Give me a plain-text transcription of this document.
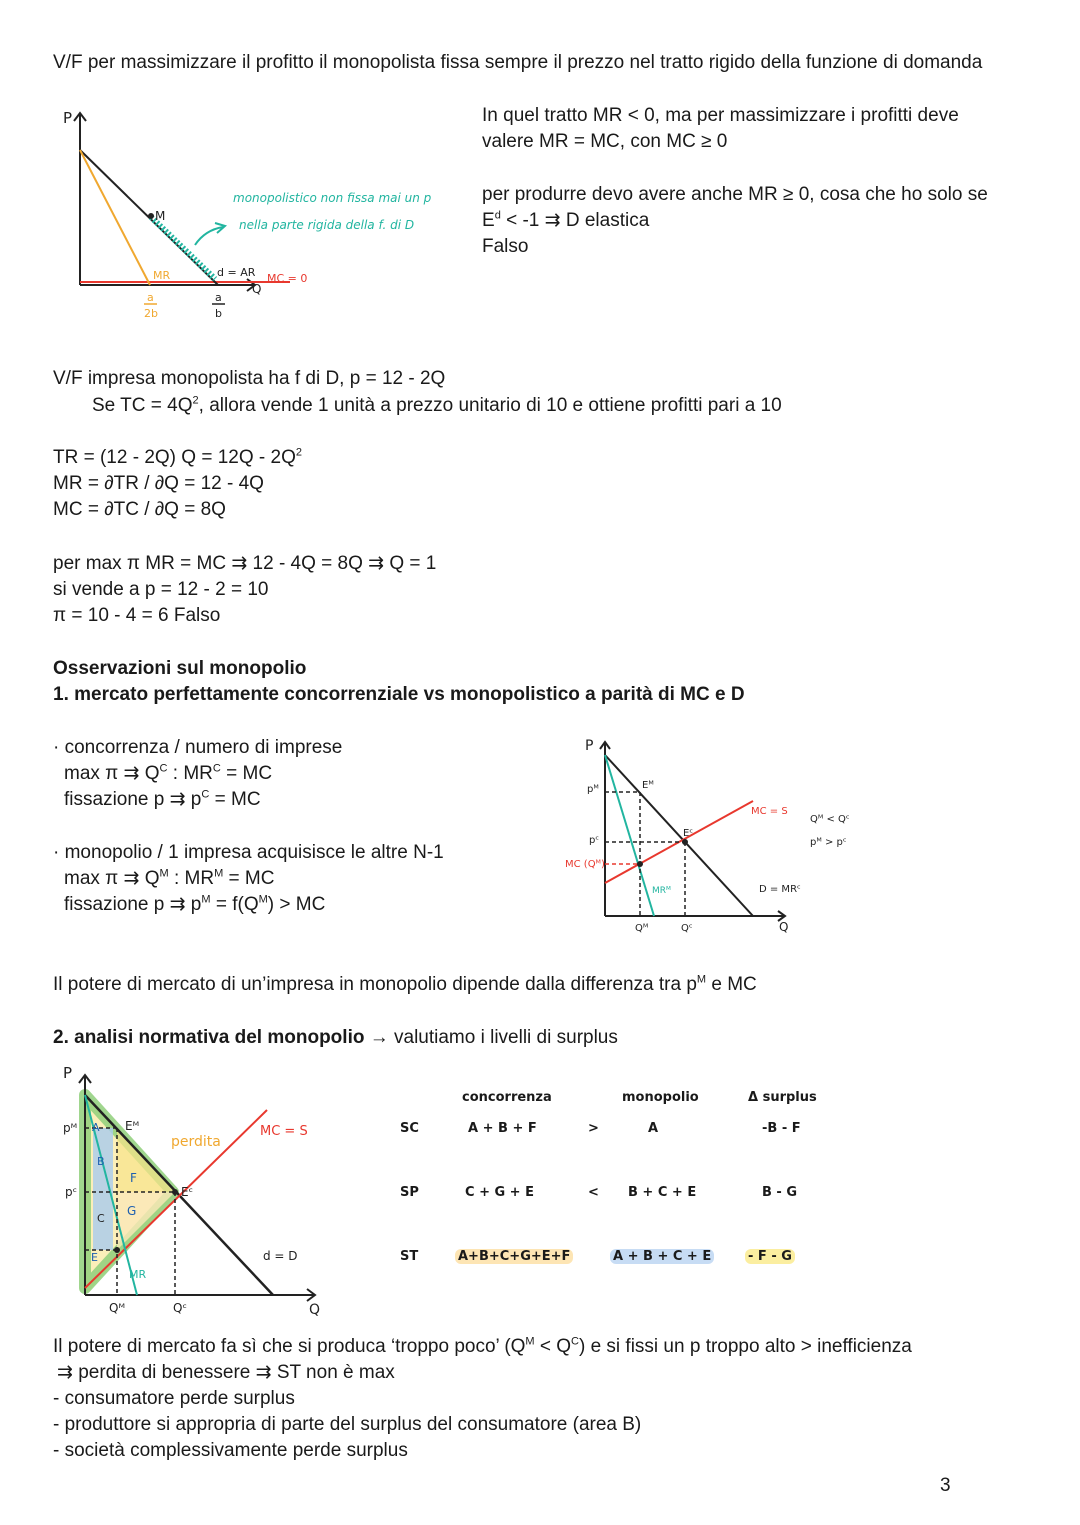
V/F per massimizzare il profitto il monopolista fissa sempre il prezzo nel tratto rigido della funzione di domanda
P
M
MR	d = AR
Q
MC = 0
a
2b
a
b
monopolistico non fissa mai un p
nella parte rigida della f. di D
In quel tratto MR < 0, ma per massimizzare i profitti deve
valere MR = MC, con MC ≥ 0
per produrre devo avere anche MR ≥ 0, cosa che ho solo se
$E^d < -1$ ⇉ D elastica
Falso
V/F impresa monopolista ha f di D, p = 12 - 2Q
Se TC = $4Q^2$, allora vende 1 unità a prezzo unitario di 10 e ottiene profitti pari a 10
TR = (12 - 2Q) $Q = 12Q - 2Q^2$
MR = ∂TR / ∂Q = 12 - 4Q
MC = ∂TC / ∂Q = 8Q
per max π MR = MC ⇉ 12 - 4Q = 8Q ⇉ Q = 1
si vende a p = 12 - 2 = 10
π = 10 - 4 = 6 Falso
Osservazioni sul monopolio
1. mercato perfettamente concorrenziale vs monopolistico a parità di MC e D
· concorrenza / numero di imprese
max π ⇉ $Q^C$ : $MR^C$ = MC
fissazione p ⇉ $p^C$ = MC
· monopolio / 1 impresa acquisisce le altre N-1
max π ⇉ $Q^M$ : $MR^M$ = MC
fissazione p ⇉ $p^M = f(Q^M)$ > MC
P
pᴹ
pᶜ
MC (Qᴹ)
Eᴹ
Eᶜ
MRᴹ
MC = S
D = MRᶜ
Qᴹ	Qᶜ	Q
Qᴹ < Qᶜ
pᴹ > pᶜ
Il potere di mercato di un’impresa in monopolio dipende dalla differenza tra $p^M$ e MC
2. analisi normativa del monopolio → valutiamo i livelli di surplus
P
pᴹ
pᶜ
Eᴹ
Eᶜ
perdita
MC = S
d = D
MR
Qᴹ	Qᶜ	Q
A
B
C
E
F
G
concorrenza	monopolio	Δ surplus
SC	A + B + F	>	A	-B - F
SP	C + G + E	< B + C + E	B - G
ST	A+B+C+G+E+F	A + B + C + E	- F - G
Il potere di mercato fa sì che si produca ‘troppo poco’ $(Q^M < Q^C)$ e si fissi un p troppo alto > inefficienza
⇉ perdita di benessere ⇉ ST non è max
- consumatore perde surplus
- produttore si appropria di parte del surplus del consumatore (area B)
- società complessivamente perde surplus
3
